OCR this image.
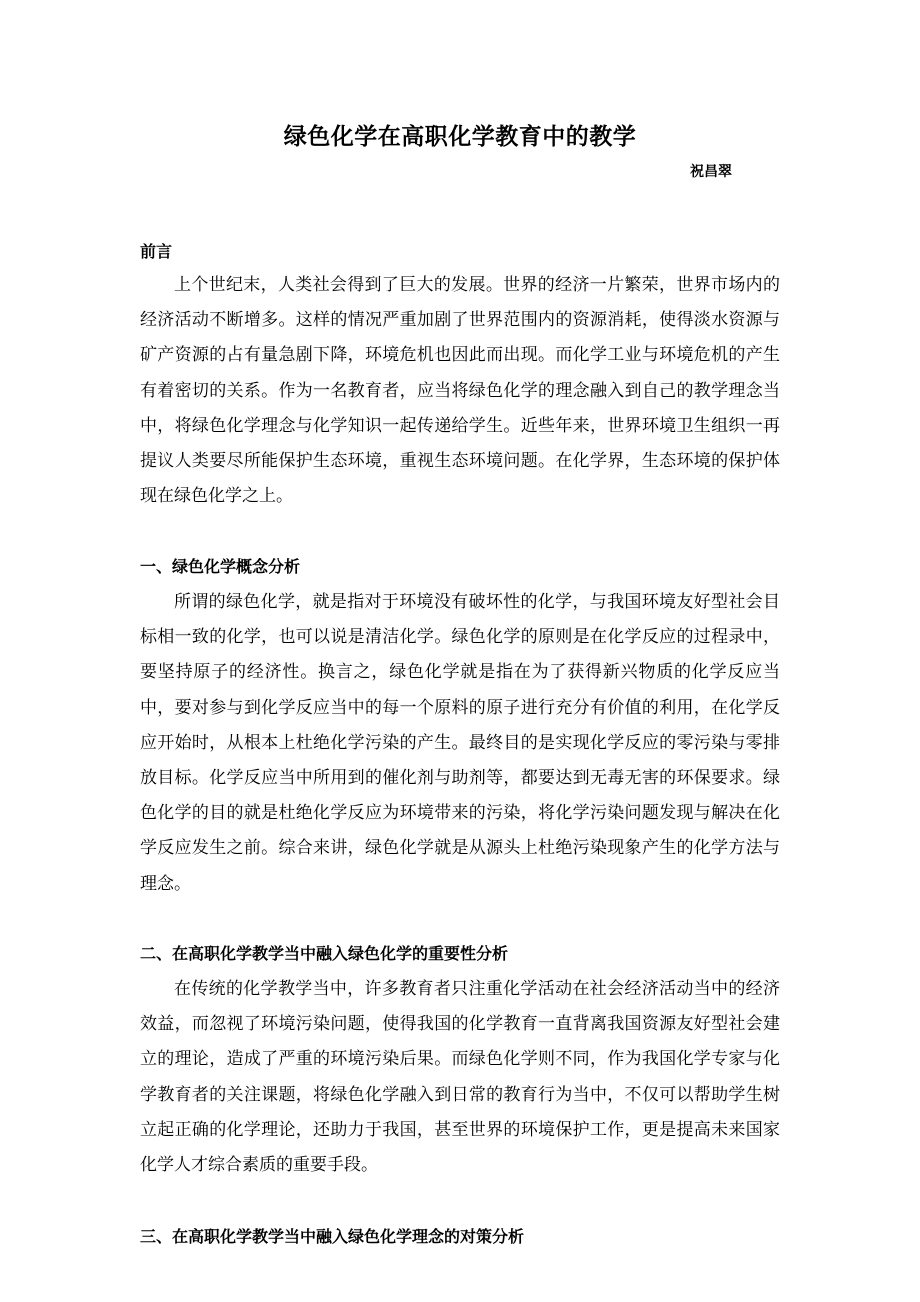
绿色化学在高职化学教育中的教学
祝昌翠
前言

上个世纪末，人类社会得到了巨大的发展。世界的经济一片繁荣，世界市场内的经济活动不断增多。这样的情况严重加剧了世界范围内的资源消耗，使得淡水资源与矿产资源的占有量急剧下降，环境危机也因此而出现。而化学工业与环境危机的产生有着密切的关系。作为一名教育者，应当将绿色化学的理念融入到自己的教学理念当中，将绿色化学理念与化学知识一起传递给学生。近些年来，世界环境卫生组织一再提议人类要尽所能保护生态环境，重视生态环境问题。在化学界，生态环境的保护体现在绿色化学之上。

一、绿色化学概念分析

所谓的绿色化学，就是指对于环境没有破坏性的化学，与我国环境友好型社会目标相一致的化学，也可以说是清洁化学。绿色化学的原则是在化学反应的过程录中，要坚持原子的经济性。换言之，绿色化学就是指在为了获得新兴物质的化学反应当中，要对参与到化学反应当中的每一个原料的原子进行充分有价值的利用，在化学反应开始时，从根本上杜绝化学污染的产生。最终目的是实现化学反应的零污染与零排放目标。化学反应当中所用到的催化剂与助剂等，都要达到无毒无害的环保要求。绿色化学的目的就是杜绝化学反应为环境带来的污染，将化学污染问题发现与解决在化学反应发生之前。综合来讲，绿色化学就是从源头上杜绝污染现象产生的化学方法与理念。

二、在高职化学教学当中融入绿色化学的重要性分析

在传统的化学教学当中，许多教育者只注重化学活动在社会经济活动当中的经济效益，而忽视了环境污染问题，使得我国的化学教育一直背离我国资源友好型社会建立的理论，造成了严重的环境污染后果。而绿色化学则不同，作为我国化学专家与化学教育者的关注课题，将绿色化学融入到日常的教育行为当中，不仅可以帮助学生树立起正确的化学理论，还助力于我国，甚至世界的环境保护工作，更是提高未来国家化学人才综合素质的重要手段。

三、在高职化学教学当中融入绿色化学理念的对策分析
